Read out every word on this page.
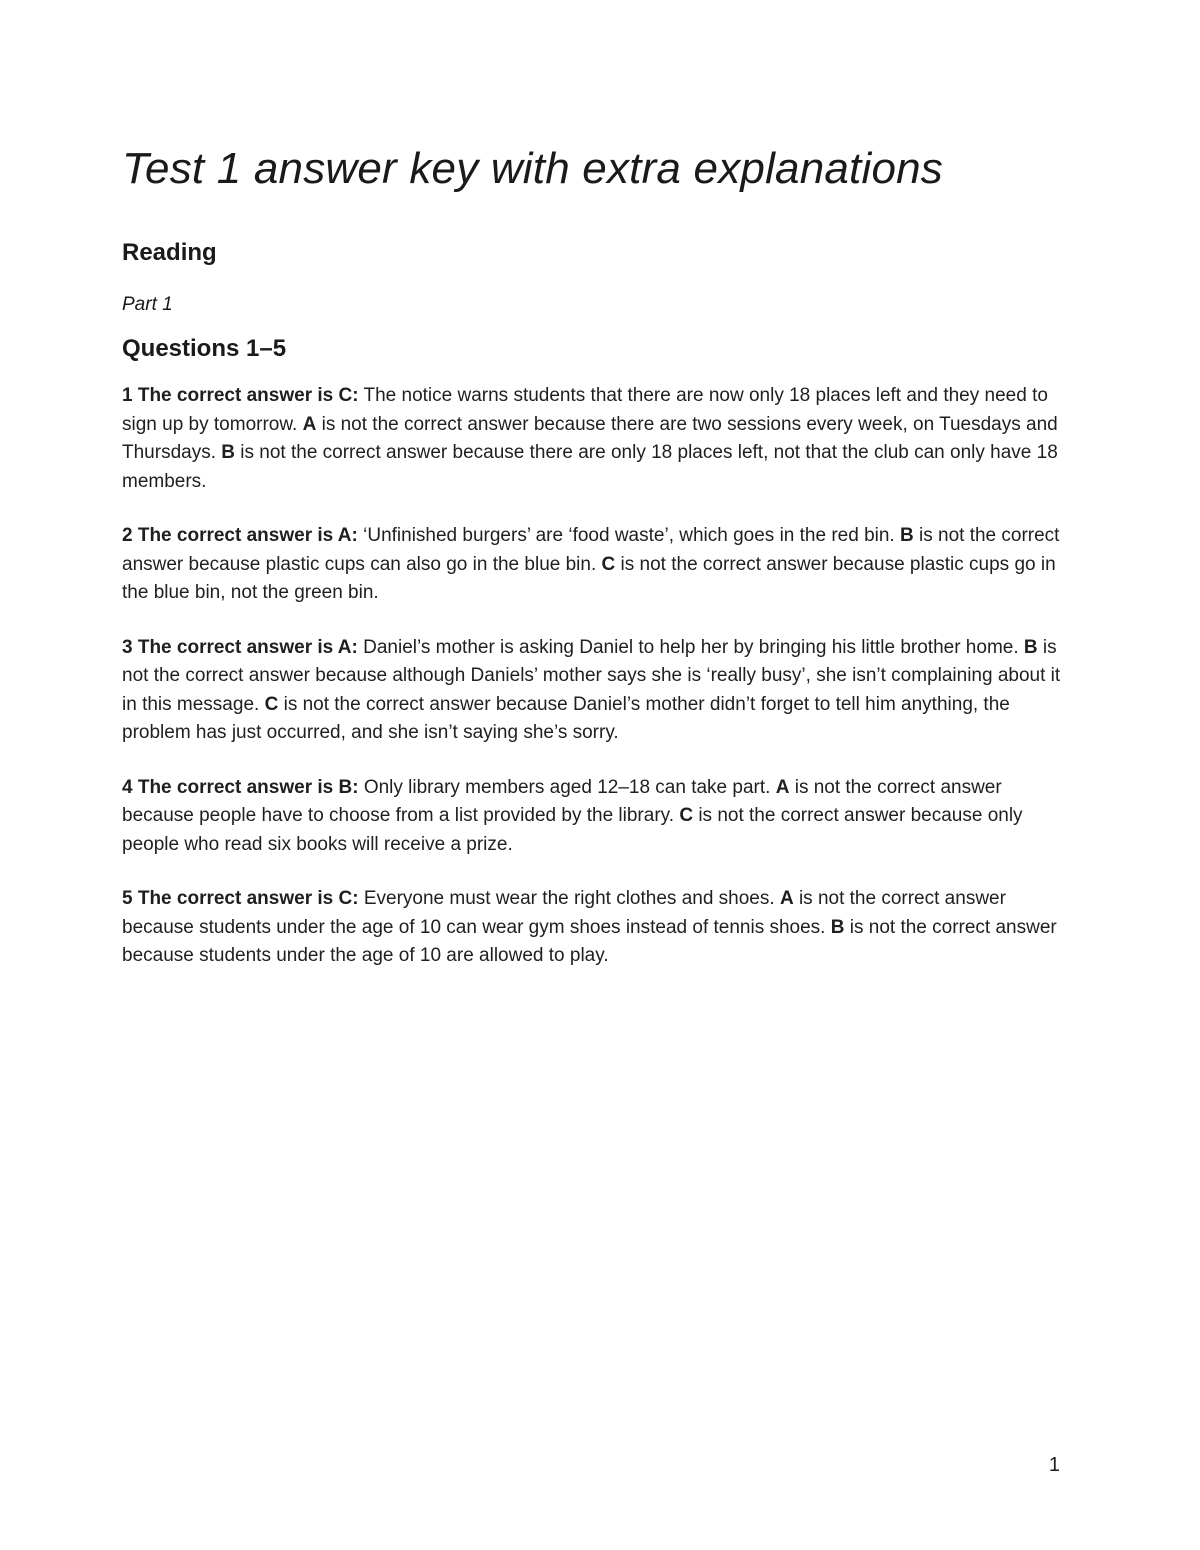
Test 1 answer key with extra explanations
Reading
Part 1
Questions 1–5

1 The correct answer is C: The notice warns students that there are now only 18 places left and they need to sign up by tomorrow. A is not the correct answer because there are two sessions every week, on Tuesdays and Thursdays. B is not the correct answer because there are only 18 places left, not that the club can only have 18 members.

2 The correct answer is A: ‘Unfinished burgers’ are ‘food waste’, which goes in the red bin. B is not the correct answer because plastic cups can also go in the blue bin. C is not the correct answer because plastic cups go in the blue bin, not the green bin.

3 The correct answer is A: Daniel’s mother is asking Daniel to help her by bringing his little brother home. B is not the correct answer because although Daniels’ mother says she is ‘really busy’, she isn’t complaining about it in this message. C is not the correct answer because Daniel’s mother didn’t forget to tell him anything, the problem has just occurred, and she isn’t saying she’s sorry.

4 The correct answer is B: Only library members aged 12–18 can take part. A is not the correct answer because people have to choose from a list provided by the library. C is not the correct answer because only people who read six books will receive a prize.

5 The correct answer is C: Everyone must wear the right clothes and shoes. A is not the correct answer because students under the age of 10 can wear gym shoes instead of tennis shoes. B is not the correct answer because students under the age of 10 are allowed to play.

1
